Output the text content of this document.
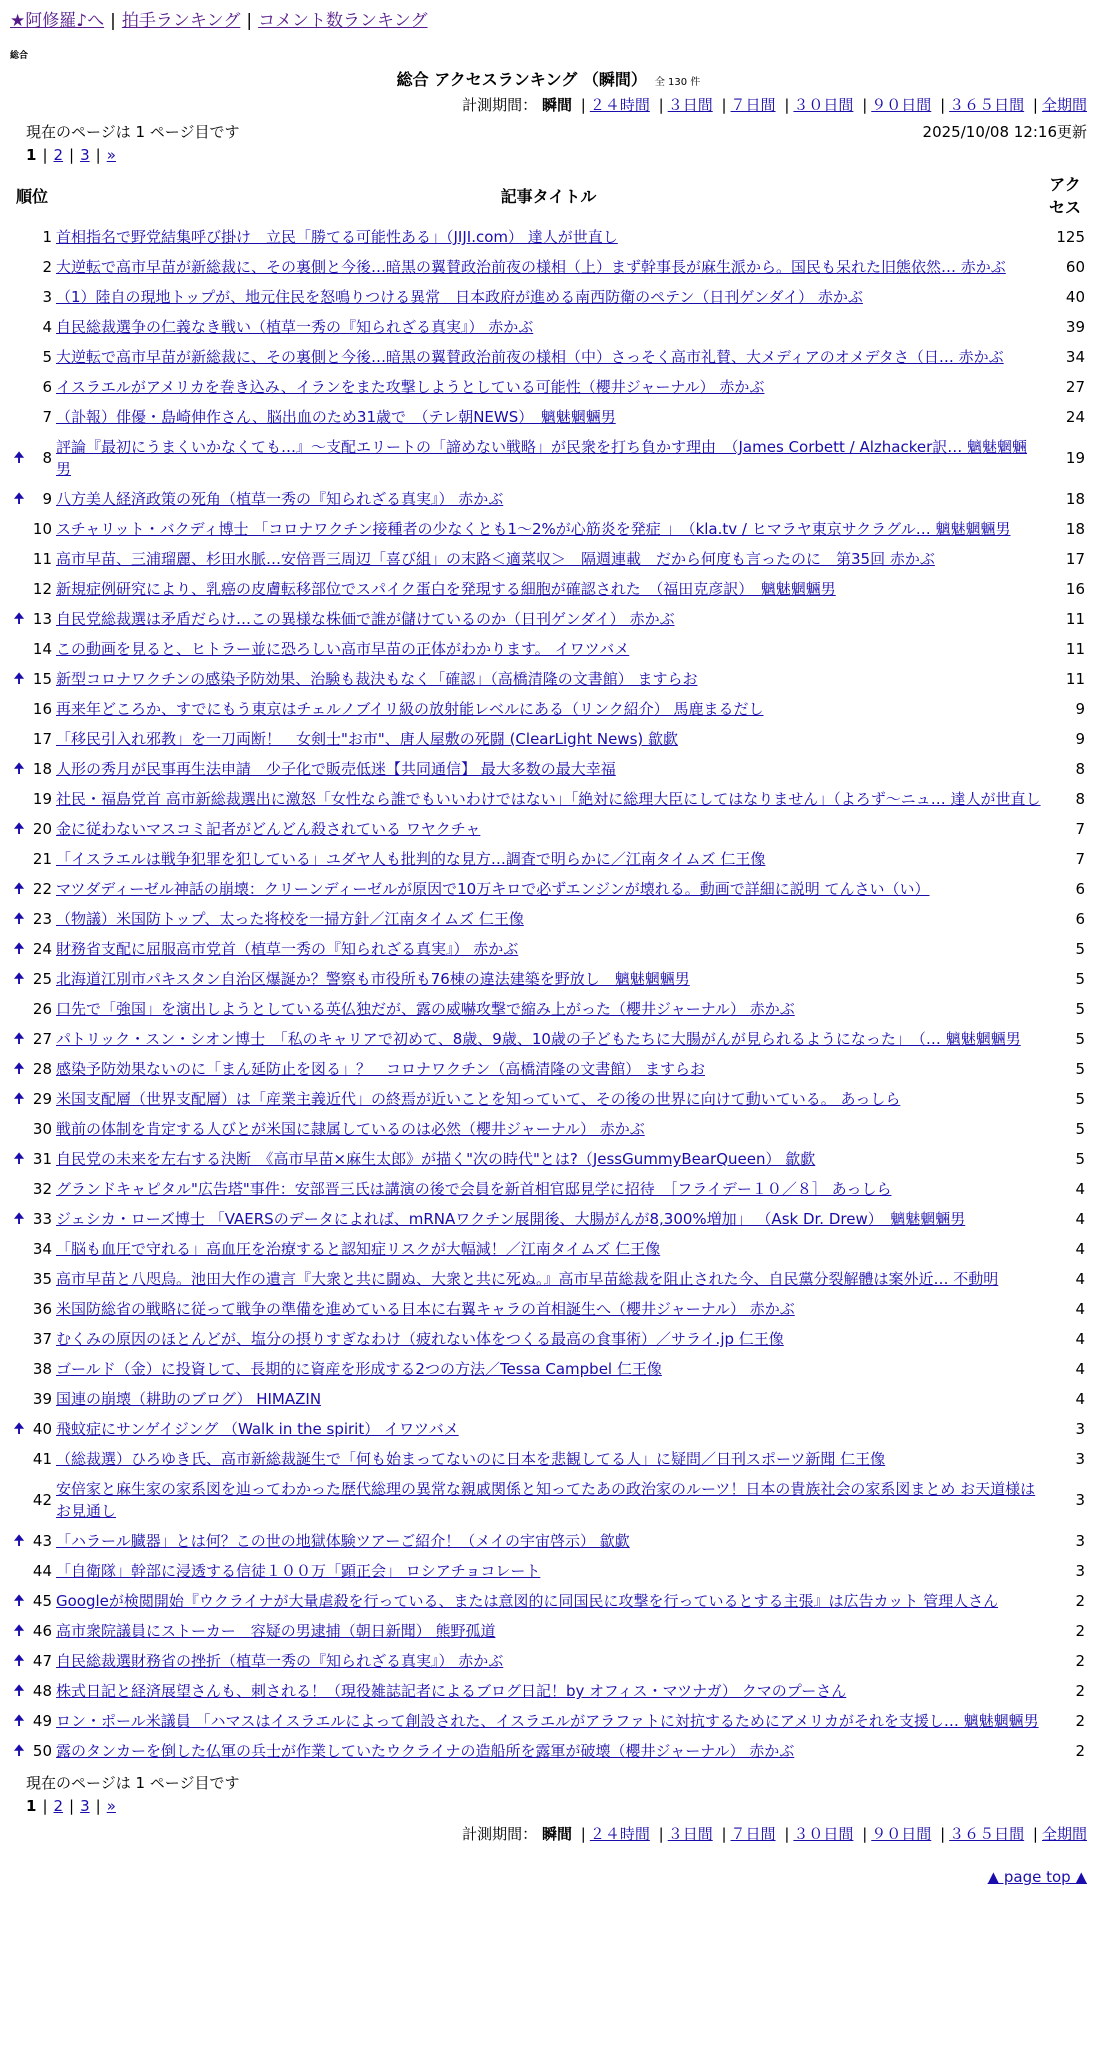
★阿修羅♪へ | 拍手ランキング | コメント数ランキング
総合
総合 アクセスランキング （瞬間） 全 130 件
計測期間： 瞬間 | ２４時間 | ３日間 | ７日間 | ３０日間 | ９０日間 | ３６５日間 | 全期間
現在のページは 1 ページ目です	2025/10/08 12:16更新
1 | 2 | 3 | »
順位		記事タイトル	アクセス
	1	首相指名で野党結集呼び掛け　立民「勝てる可能性ある」（JIJI.com） 達人が世直し	125
	2	大逆転で高市早苗が新総裁に、その裏側と今後…暗黒の翼賛政治前夜の様相（上）まず幹事長が麻生派から。国民も呆れた旧態依然… 赤かぶ	60
	3	（1）陸自の現地トップが、地元住民を怒鳴りつける異常　日本政府が進める南西防衛のペテン（日刊ゲンダイ） 赤かぶ	40
	4	自民総裁選争の仁義なき戦い（植草一秀の『知られざる真実』） 赤かぶ	39
	5	大逆転で高市早苗が新総裁に、その裏側と今後…暗黒の翼賛政治前夜の様相（中）さっそく高市礼賛、大メディアのオメデタさ（日… 赤かぶ	34
	6	イスラエルがアメリカを巻き込み、イランをまた攻撃しようとしている可能性（櫻井ジャーナル） 赤かぶ	27
	7	（訃報）俳優・島崎伸作さん、脳出血のため31歳で　（テレ朝NEWS）　魑魅魍魎男	24
🠉	8	評論『最初にうまくいかなくても…』～支配エリートの「諦めない戦略」が民衆を打ち負かす理由　（James Corbett / Alzhacker訳… 魑魅魍魎男	19
🠉	9	八方美人経済政策の死角（植草一秀の『知られざる真実』） 赤かぶ	18
	10	スチャリット・バクディ博士 「コロナワクチン接種者の少なくとも1～2%が心筋炎を発症 」　（kla.tv / ヒマラヤ東京サクラグル… 魑魅魍魎男	18
	11	高市早苗、三浦瑠麗、杉田水脈…安倍晋三周辺「喜び組」の末路＜適菜収＞　隔週連載　だから何度も言ったのに　第35回 赤かぶ	17
	12	新規症例研究により、乳癌の皮膚転移部位でスパイク蛋白を発現する細胞が確認された　（福田克彦訳）　魑魅魍魎男	16
🠉	13	自民党総裁選は矛盾だらけ…この異様な株価で誰が儲けているのか（日刊ゲンダイ） 赤かぶ	11
	14	この動画を見ると、ヒトラー並に恐ろしい高市早苗の正体がわかります。 イワツバメ	11
🠉	15	新型コロナワクチンの感染予防効果、治験も裁決もなく「確認」（高橋清隆の文書館） ますらお	11
	16	再来年どころか、すでにもう東京はチェルノブイリ級の放射能レベルにある（リンク紹介） 馬鹿まるだし	9
	17	「移民引入れ邪教」を一刀両断！　女剣士"お市"、唐人屋敷の死闘 (ClearLight News) 歙歔	9
🠉	18	人形の秀月が民事再生法申請　少子化で販売低迷【共同通信】 最大多数の最大幸福	8
	19	社民・福島党首 高市新総裁選出に激怒「女性なら誰でもいいわけではない」「絶対に総理大臣にしてはなりません」（よろず～ニュ… 達人が世直し	8
🠉	20	金に従わないマスコミ記者がどんどん殺されている ワヤクチャ	7
	21	「イスラエルは戦争犯罪を犯している」ユダヤ人も批判的な見方…調査で明らかに／江南タイムズ 仁王像	7
🠉	22	マツダディーゼル神話の崩壊：クリーンディーゼルが原因で10万キロで必ずエンジンが壊れる。動画で詳細に説明 てんさい（い）	6
🠉	23	（物議）米国防トップ、太った将校を一掃方針／江南タイムズ 仁王像	6
🠉	24	財務省支配に屈服高市党首（植草一秀の『知られざる真実』） 赤かぶ	5
🠉	25	北海道江別市パキスタン自治区爆誕か？警察も市役所も76棟の違法建築を野放し　魑魅魍魎男	5
	26	口先で「強国」を演出しようとしている英仏独だが、露の威嚇攻撃で縮み上がった（櫻井ジャーナル） 赤かぶ	5
🠉	27	パトリック・スン・シオン博士　「私のキャリアで初めて、8歳、9歳、10歳の子どもたちに大腸がんが見られるようになった」　（… 魑魅魍魎男	5
🠉	28	感染予防効果ないのに「まん延防止を図る」？　コロナワクチン（高橋清隆の文書館） ますらお	5
🠉	29	米国支配層（世界支配層）は「産業主義近代」の終焉が近いことを知っていて、その後の世界に向けて動いている。 あっしら	5
	30	戦前の体制を肯定する人びとが米国に隷属しているのは必然（櫻井ジャーナル） 赤かぶ	5
🠉	31	自民党の未来を左右する決断　《高市早苗×麻生太郎》が描く"次の時代"とは?（JessGummyBearQueen） 歙歔	5
	32	グランドキャピタル"広告塔"事件：安部晋三氏は講演の後で会員を新首相官邸見学に招待　［フライデー１０／８］ あっしら	4
🠉	33	ジェシカ・ローズ博士 「VAERSのデータによれば、mRNAワクチン展開後、大腸がんが8,300%増加」 （Ask Dr. Drew）　魑魅魍魎男	4
	34	「脳も血圧で守れる」高血圧を治療すると認知症リスクが大幅減！／江南タイムズ 仁王像	4
	35	高市早苗と八咫烏。池田大作の遺言『大衆と共に闘ぬ、大衆と共に死ぬ。』高市早苗総裁を阻止された今、自民黨分裂解體は案外近… 不動明	4
	36	米国防総省の戦略に従って戦争の準備を進めている日本に右翼キャラの首相誕生へ（櫻井ジャーナル） 赤かぶ	4
	37	むくみの原因のほとんどが、塩分の摂りすぎなわけ（疲れない体をつくる最高の食事術）／サライ.jp 仁王像	4
	38	ゴールド（金）に投資して、長期的に資産を形成する2つの方法／Tessa Campbel 仁王像	4
	39	国連の崩壊（耕助のブログ） HIMAZIN	4
🠉	40	飛蚊症にサンゲイジング （Walk in the spirit） イワツバメ	3
	41	（総裁選）ひろゆき氏、高市新総裁誕生で「何も始まってないのに日本を悲観してる人」に疑問／日刊スポーツ新聞 仁王像	3
	42	安倍家と麻生家の家系図を辿ってわかった歴代総理の異常な親戚関係と知ってたあの政治家のルーツ！日本の貴族社会の家系図まとめ お天道様はお見通し	3
🠉	43	「ハラール臓器」とは何？この世の地獄体験ツアーご紹介！（メイの宇宙啓示） 歙歔	3
	44	「自衛隊」幹部に浸透する信徒１００万「顕正会」 ロシアチョコレート	3
🠉	45	Googleが検閲開始『ウクライナが大量虐殺を行っている、または意図的に同国民に攻撃を行っているとする主張』は広告カット 管理人さん	2
🠉	46	高市衆院議員にストーカー　容疑の男逮捕（朝日新聞） 熊野孤道	2
🠉	47	自民総裁選財務省の挫折（植草一秀の『知られざる真実』） 赤かぶ	2
🠉	48	株式日記と経済展望さんも、刺される！（現役雑誌記者によるブログ日記！by オフィス・マツナガ） クマのプーさん	2
🠉	49	ロン・ポール米議員 「ハマスはイスラエルによって創設された、イスラエルがアラファトに対抗するためにアメリカがそれを支援し… 魑魅魍魎男	2
🠉	50	露のタンカーを倒した仏軍の兵士が作業していたウクライナの造船所を露軍が破壊（櫻井ジャーナル） 赤かぶ	2
現在のページは 1 ページ目です
1 | 2 | 3 | »
計測期間： 瞬間 | ２４時間 | ３日間 | ７日間 | ３０日間 | ９０日間 | ３６５日間 | 全期間
▲ page top ▲
